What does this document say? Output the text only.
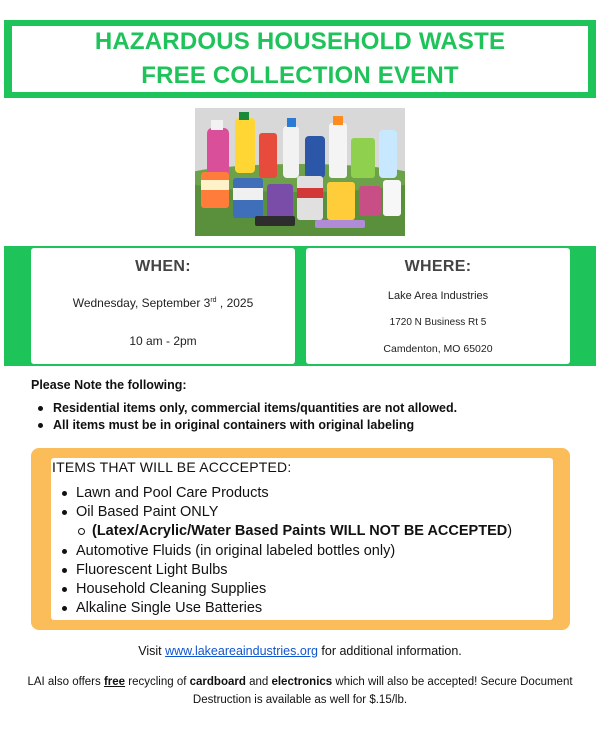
HAZARDOUS HOUSEHOLD WASTE
FREE COLLECTION EVENT
WHEN:
Wednesday, September 3rd , 2025
10 am - 2pm
WHERE:
Lake Area Industries
1720 N Business Rt 5
Camdenton, MO 65020
Please Note the following:
Residential items only, commercial items/quantities are not allowed.
All items must be in original containers with original labeling
ITEMS THAT WILL BE ACCCEPTED:
Lawn and Pool Care Products
Oil Based Paint ONLY
(Latex/Acrylic/Water Based Paints WILL NOT BE ACCEPTED)
Automotive Fluids (in original labeled bottles only)
Fluorescent Light Bulbs
Household Cleaning Supplies
Alkaline Single Use Batteries
Visit www.lakeareaindustries.org for additional information.
LAI also offers free recycling of cardboard and electronics which will also be accepted! Secure Document Destruction is available as well for $.15/lb.
